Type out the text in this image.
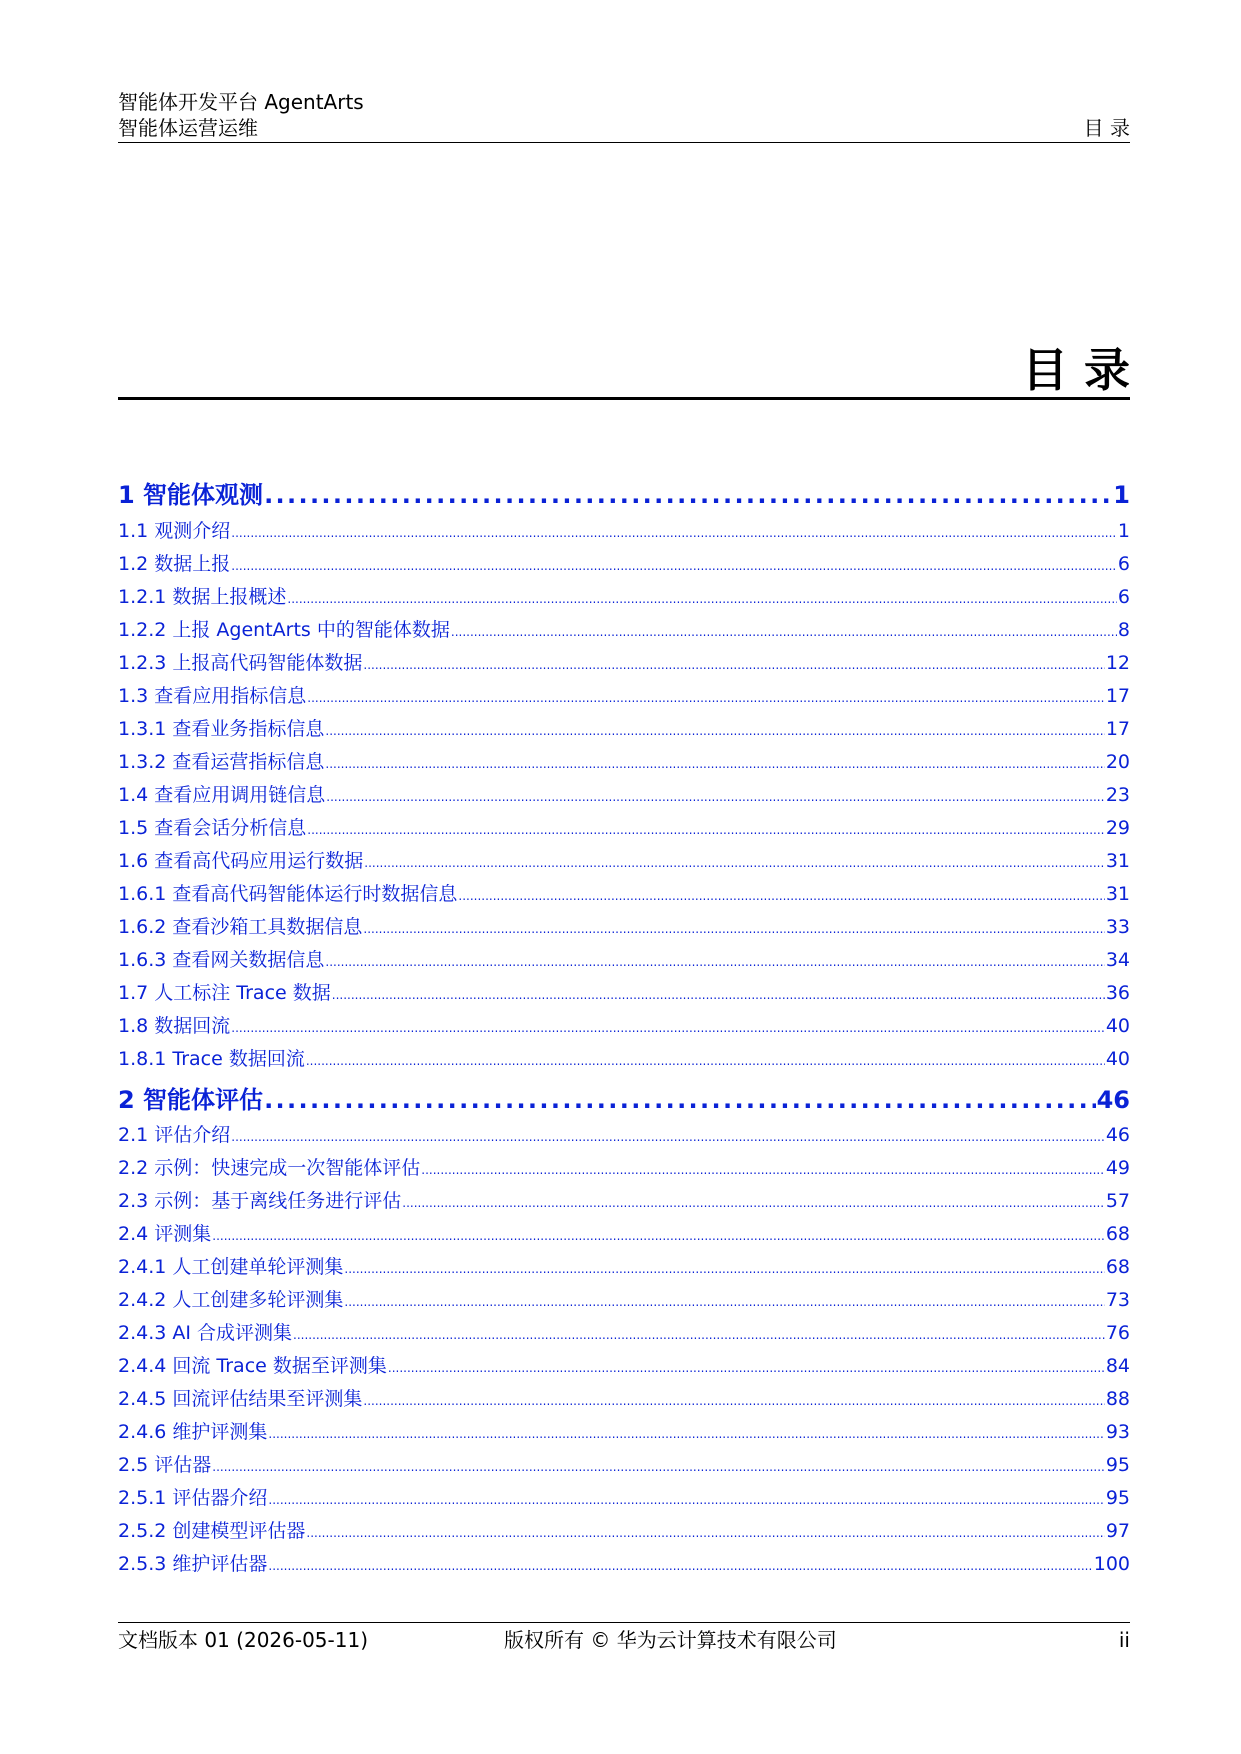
智能体开发平台 AgentArts
智能体运营运维	目 录
目 录
1 智能体观测 . . .	1
1.1 观测介绍 .....	1
1.2 数据上报 .....	6
1.2.1 数据上报概述 .....	6
1.2.2 上报 AgentArts 中的智能体数据 .....	8
1.2.3 上报高代码智能体数据 .....	12
1.3 查看应用指标信息 .....	17
1.3.1 查看业务指标信息 .....	17
1.3.2 查看运营指标信息 .....	20
1.4 查看应用调用链信息 .....	23
1.5 查看会话分析信息 .....	29
1.6 查看高代码应用运行数据 .....	31
1.6.1 查看高代码智能体运行时数据信息 .....	31
1.6.2 查看沙箱工具数据信息 .....	33
1.6.3 查看网关数据信息 .....	34
1.7 人工标注 Trace 数据 .....	36
1.8 数据回流 .....	40
1.8.1 Trace 数据回流 .....	40
2 智能体评估 . . .	46
2.1 评估介绍 .....	46
2.2 示例：快速完成一次智能体评估 .....	49
2.3 示例：基于离线任务进行评估 .....	57
2.4 评测集 .....	68
2.4.1 人工创建单轮评测集 .....	68
2.4.2 人工创建多轮评测集 .....	73
2.4.3 AI 合成评测集 .....	76
2.4.4 回流 Trace 数据至评测集 .....	84
2.4.5 回流评估结果至评测集 .....	88
2.4.6 维护评测集 .....	93
2.5 评估器 .....	95
2.5.1 评估器介绍 .....	95
2.5.2 创建模型评估器 .....	97
2.5.3 维护评估器 .....	100
文档版本 01 (2026-05-11)	版权所有 © 华为云计算技术有限公司	ii
